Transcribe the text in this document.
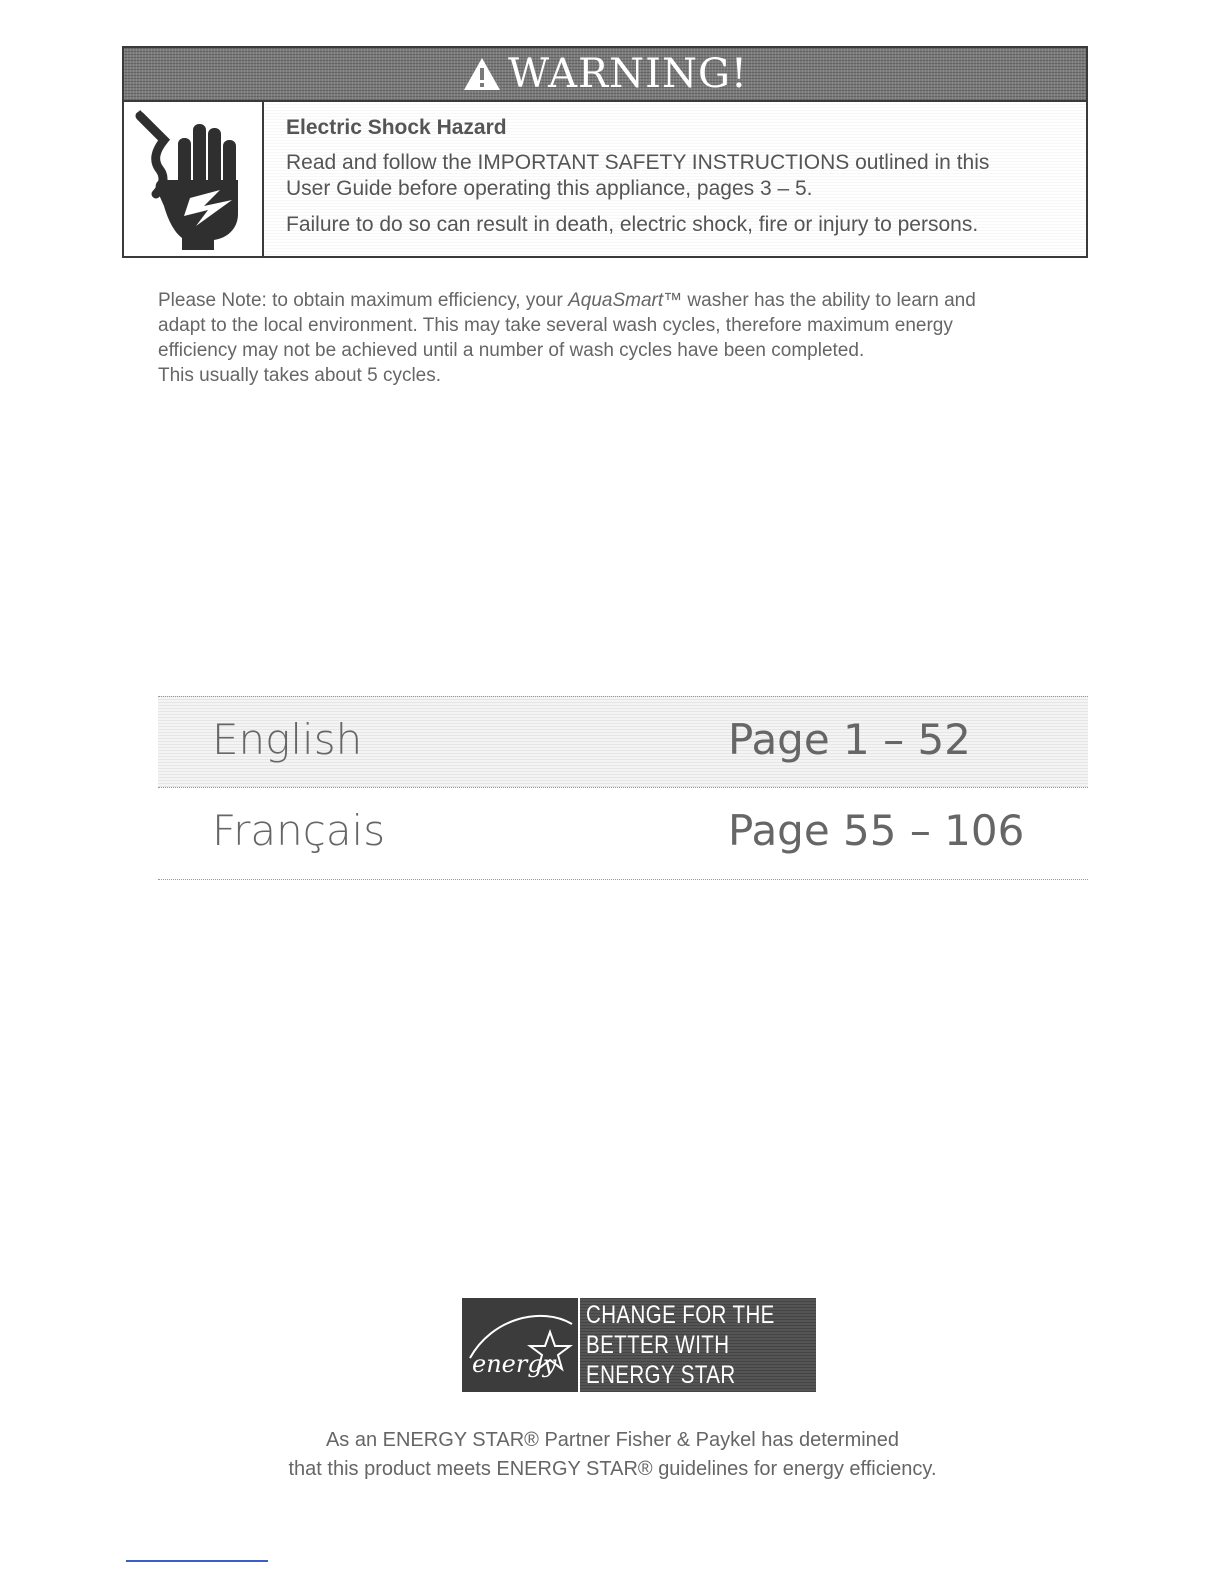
WARNING!

Electric Shock Hazard

Read and follow the IMPORTANT SAFETY INSTRUCTIONS outlined in this

User Guide before operating this appliance, pages 3 – 5.

Failure to do so can result in death, electric shock, fire or injury to persons.

Please Note: to obtain maximum efficiency, your AquaSmart™ washer has the ability to learn and

adapt to the local environment. This may take several wash cycles, therefore maximum energy

efficiency may not be achieved until a number of wash cycles have been completed.

This usually takes about 5 cycles.

English	Page 1 – 52
Français	Page 55 – 106
energy
CHANGE FOR THE
BETTER WITH
ENERGY STAR

As an ENERGY STAR® Partner Fisher & Paykel has determined

that this product meets ENERGY STAR® guidelines for energy efficiency.
